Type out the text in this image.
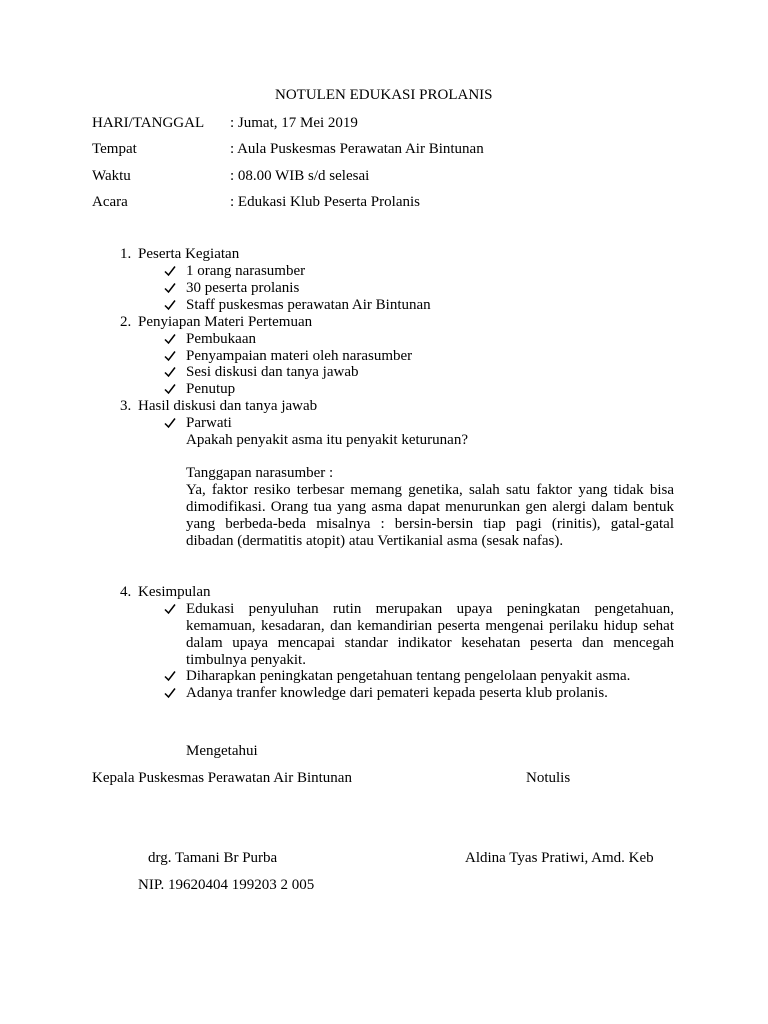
NOTULEN EDUKASI PROLANIS
HARI/TANGGAL : Jumat, 17 Mei 2019
Tempat	: Aula Puskesmas Perawatan Air Bintunan
Waktu	: 08.00 WIB s/d selesai
Acara	: Edukasi Klub Peserta Prolanis
1. Peserta Kegiatan
1 orang narasumber
30 peserta prolanis
Staff puskesmas perawatan Air Bintunan
2. Penyiapan Materi Pertemuan
Pembukaan
Penyampaian materi oleh narasumber
Sesi diskusi dan tanya jawab
Penutup
3. Hasil diskusi dan tanya jawab
Parwati
Apakah penyakit asma itu penyakit keturunan?
Tanggapan narasumber :
Ya, faktor resiko terbesar memang genetika, salah satu faktor yang tidak bisa dimodifikasi. Orang tua yang asma dapat menurunkan gen alergi dalam bentuk yang berbeda-beda misalnya : bersin-bersin tiap pagi (rinitis), gatal-gatal dibadan (dermatitis atopit) atau Vertikanial asma (sesak nafas).
4. Kesimpulan
Edukasi penyuluhan rutin merupakan upaya peningkatan pengetahuan, kemamuan, kesadaran, dan kemandirian peserta mengenai perilaku hidup sehat dalam upaya mencapai standar indikator kesehatan peserta dan mencegah timbulnya penyakit.
Diharapkan peningkatan pengetahuan tentang pengelolaan penyakit asma.
Adanya tranfer knowledge dari pemateri kepada peserta klub prolanis.
Mengetahui
Kepala Puskesmas Perawatan Air Bintunan	Notulis
drg. Tamani Br Purba	Aldina Tyas Pratiwi, Amd. Keb
NIP. 19620404 199203 2 005
